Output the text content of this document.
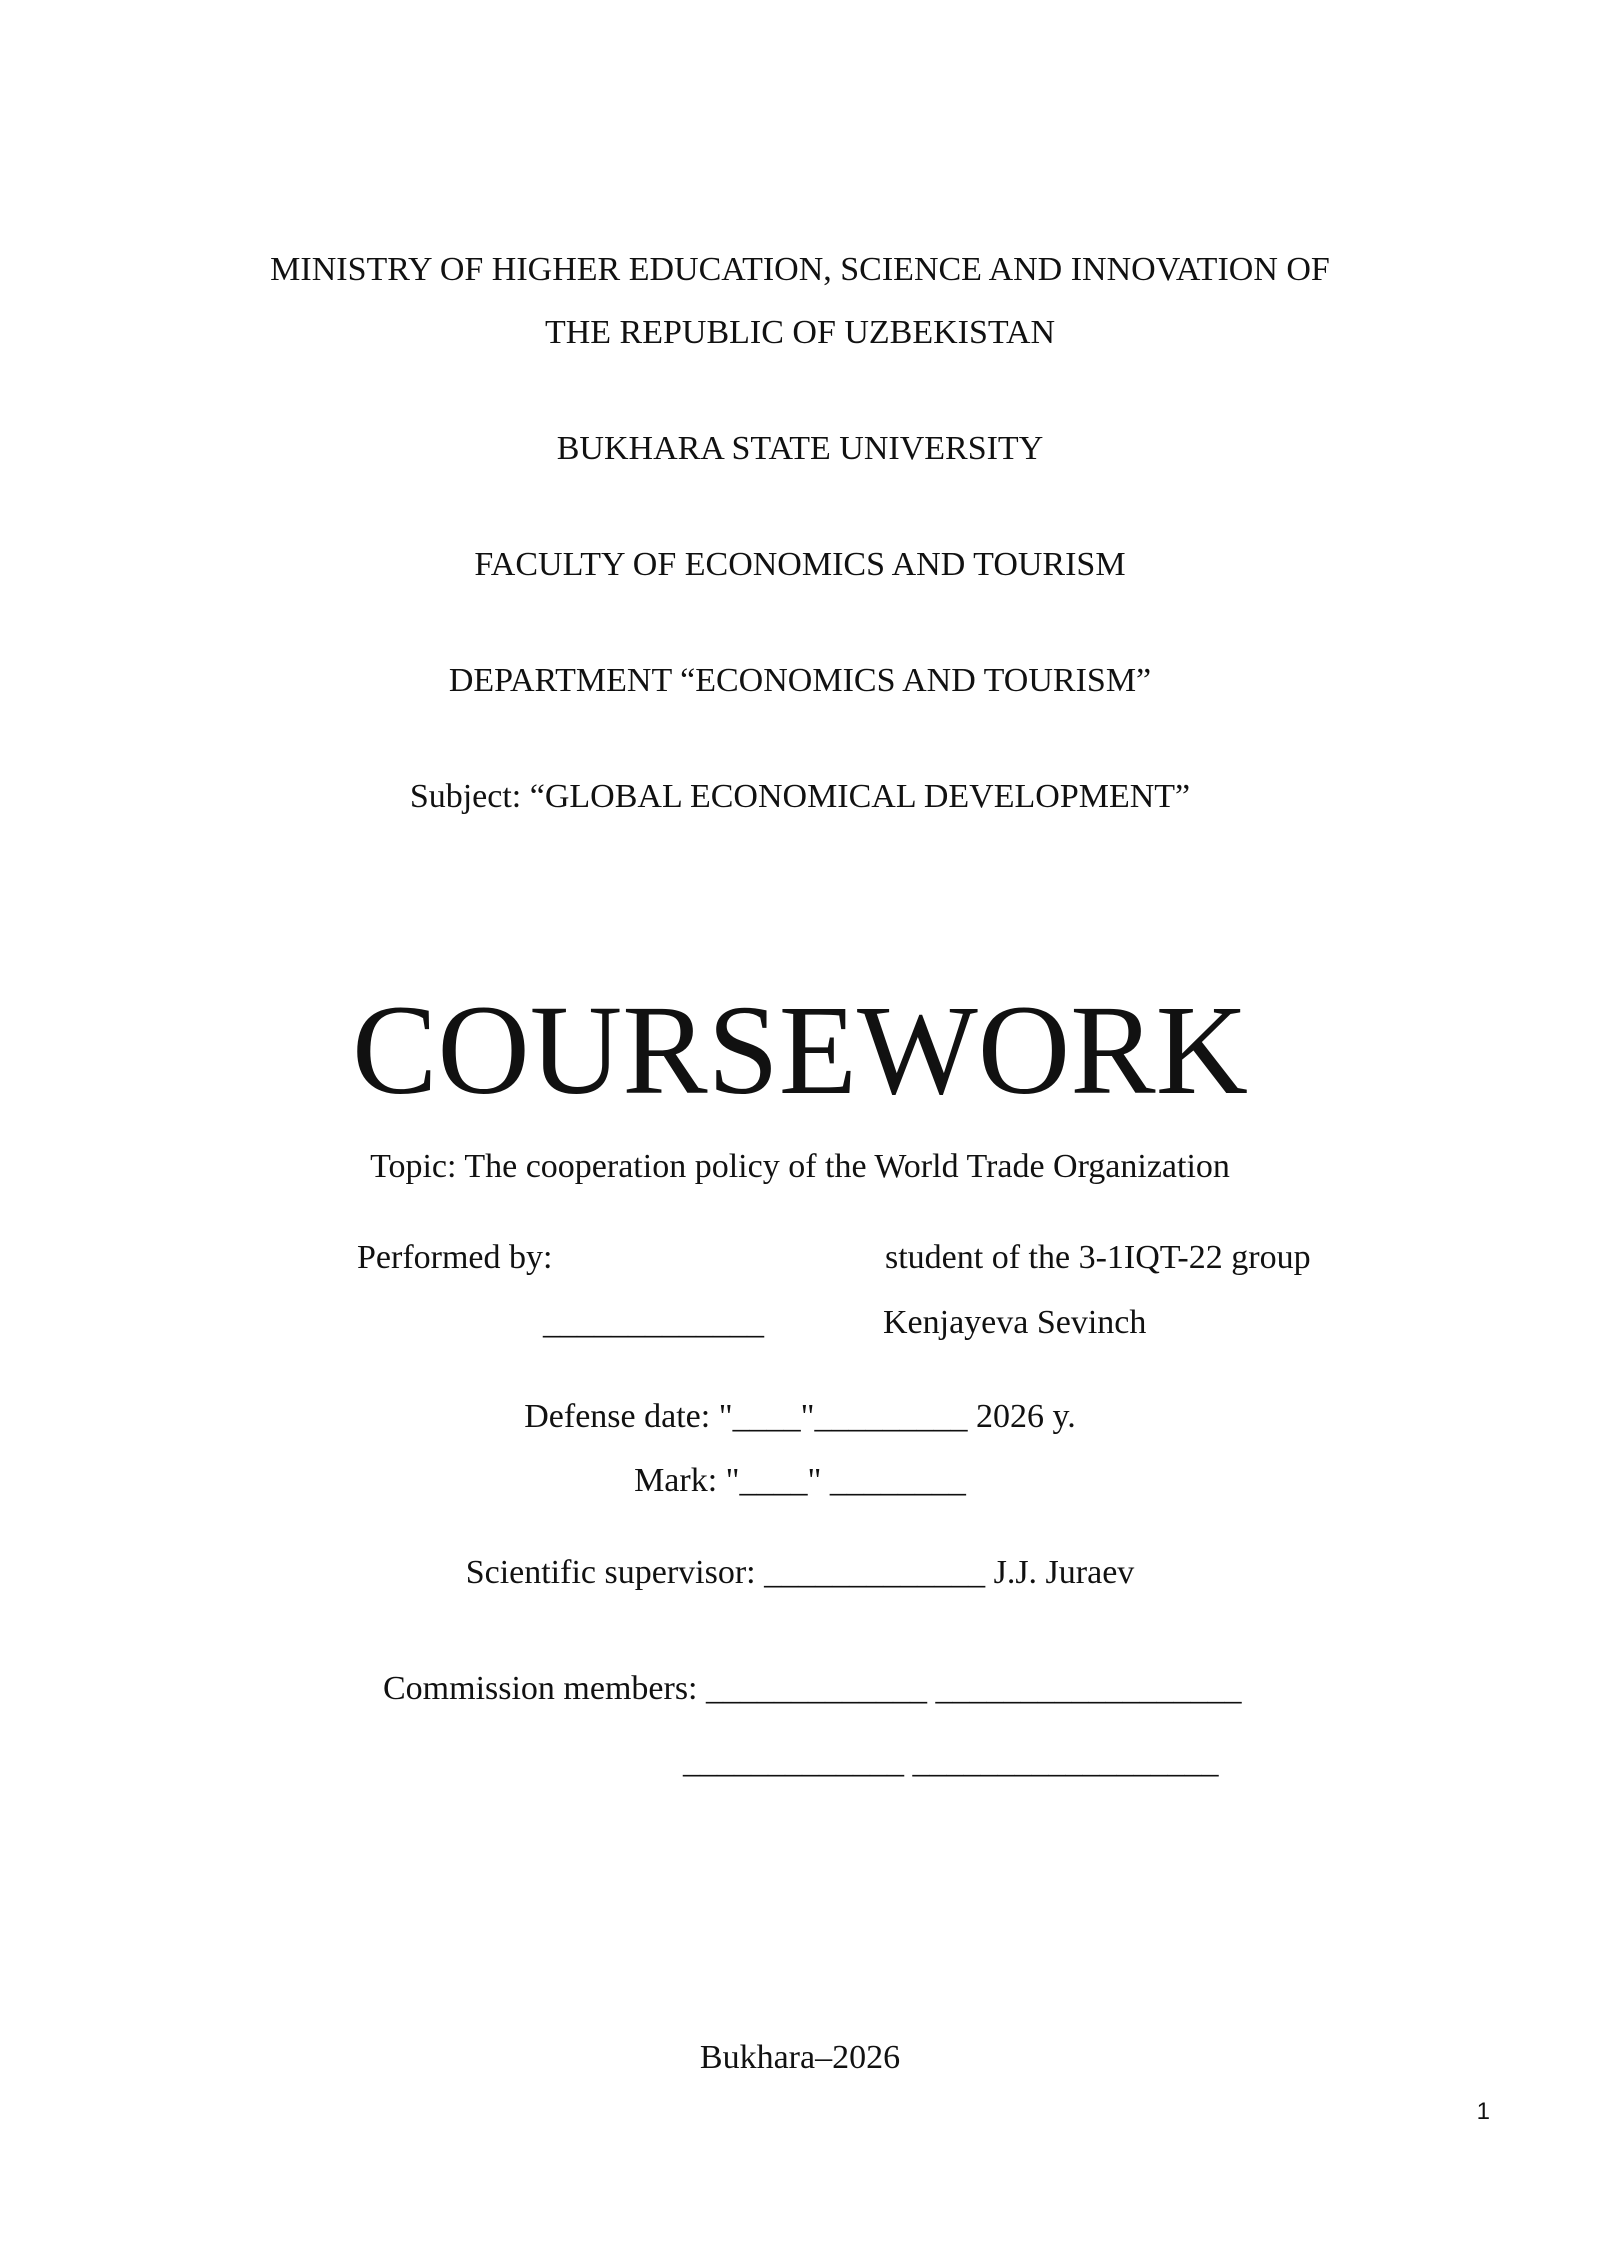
MINISTRY OF HIGHER EDUCATION, SCIENCE AND INNOVATION OF
THE REPUBLIC OF UZBEKISTAN
BUKHARA STATE UNIVERSITY
FACULTY OF ECONOMICS AND TOURISM
DEPARTMENT “ECONOMICS AND TOURISM”
Subject: “GLOBAL ECONOMICAL DEVELOPMENT”
COURSEWORK
Topic: The cooperation policy of the World Trade Organization
Performed by:	student of the 3-1IQT-22 group
_____________	Kenjayeva Sevinch
Defense date: "____"_________ 2026 y.
Mark: "____" ________
Scientific supervisor: _____________ J.J. Juraev
Commission members: _____________ __________________
_____________ __________________
Bukhara–2026
1
